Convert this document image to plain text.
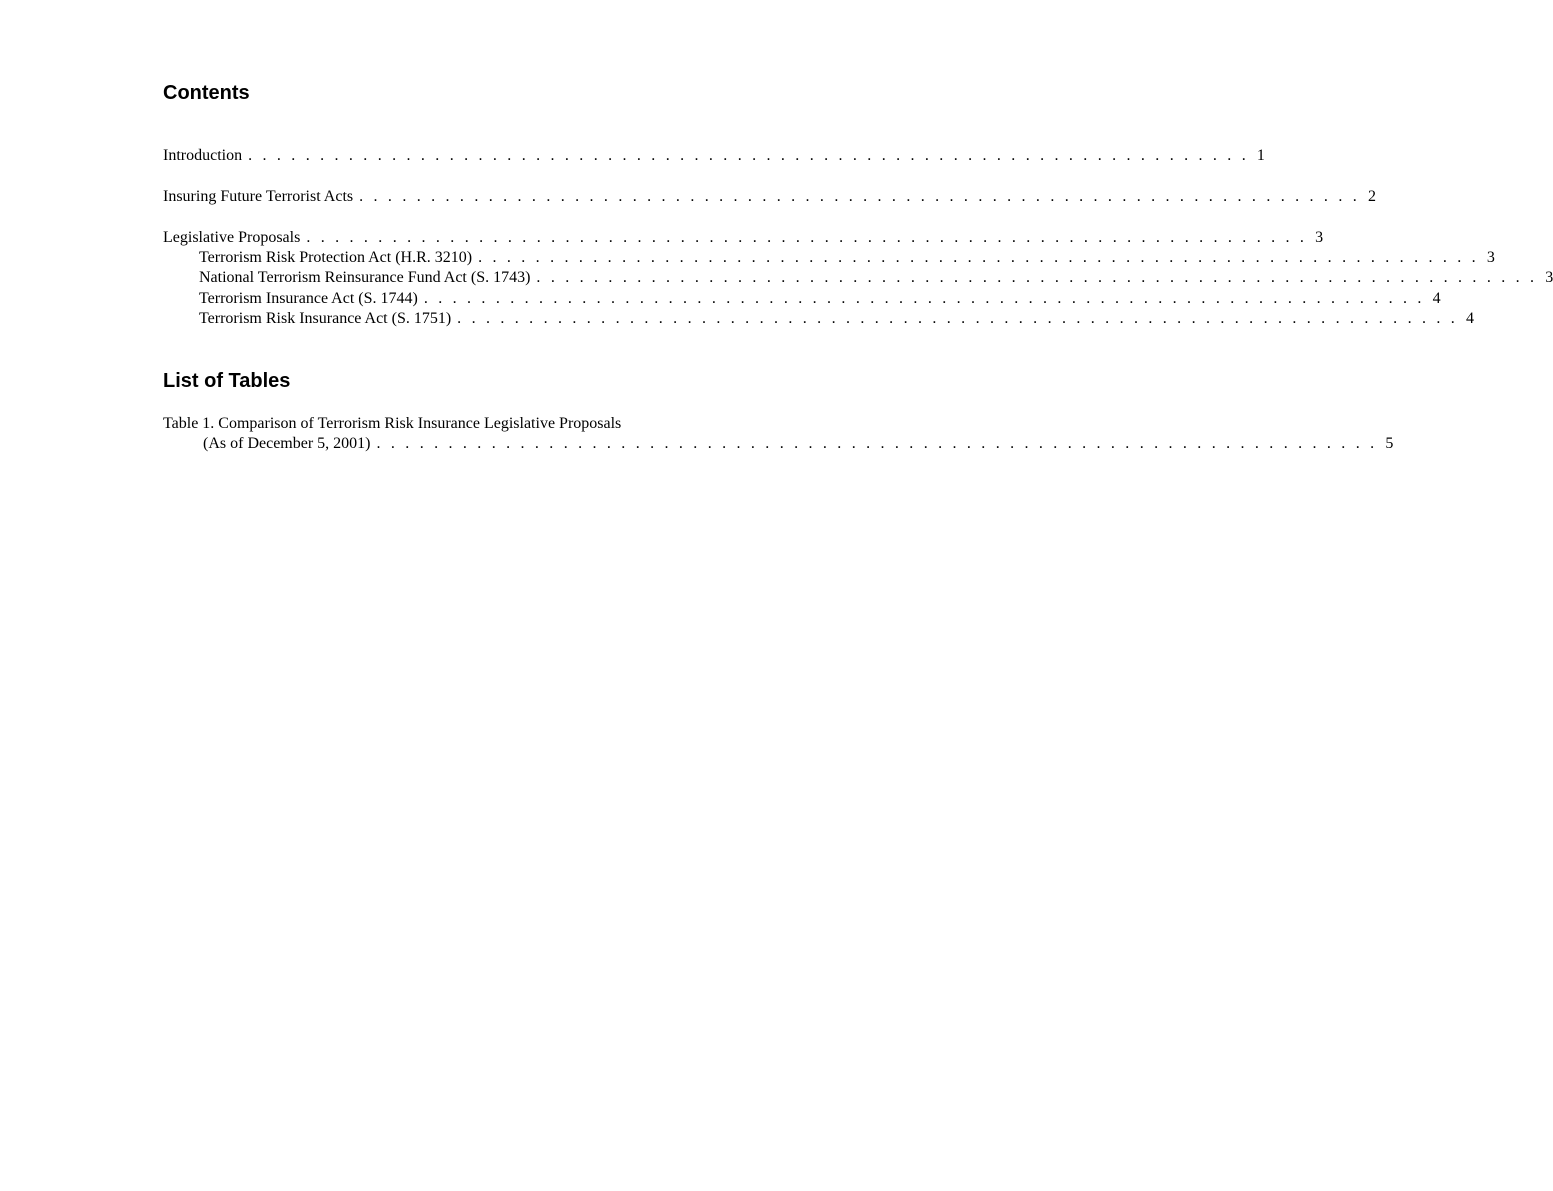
Contents
Introduction . . . . . . . . . . . . . . . . . . . . . . . . . . . . . . . . . . . . . . . . . . . . . . . . . . . . . . . . . . . . . . . . . . . . . . 1
Insuring Future Terrorist Acts . . . . . . . . . . . . . . . . . . . . . . . . . . . . . . . . . . . . . . . . . . . . . . . . . . . . . . . . . . . . . . . . . . . . . . 2
Legislative Proposals . . . . . . . . . . . . . . . . . . . . . . . . . . . . . . . . . . . . . . . . . . . . . . . . . . . . . . . . . . . . . . . . . . . . . . 3
Terrorism Risk Protection Act (H.R. 3210) . . . . . . . . . . . . . . . . . . . . . . . . . . . . . . . . . . . . . . . . . . . . . . . . . . . . . . . . . . . . . . . . . . . . . . 3
National Terrorism Reinsurance Fund Act (S. 1743) . . . . . . . . . . . . . . . . . . . . . . . . . . . . . . . . . . . . . . . . . . . . . . . . . . . . . . . . . . . . . . . . . . . . . . 3
Terrorism Insurance Act (S. 1744) . . . . . . . . . . . . . . . . . . . . . . . . . . . . . . . . . . . . . . . . . . . . . . . . . . . . . . . . . . . . . . . . . . . . . . 4
Terrorism Risk Insurance Act (S. 1751) . . . . . . . . . . . . . . . . . . . . . . . . . . . . . . . . . . . . . . . . . . . . . . . . . . . . . . . . . . . . . . . . . . . . . . 4
List of Tables
Table 1. Comparison of Terrorism Risk Insurance Legislative Proposals
(As of December 5, 2001) . . . . . . . . . . . . . . . . . . . . . . . . . . . . . . . . . . . . . . . . . . . . . . . . . . . . . . . . . . . . . . . . . . . . . . 5
